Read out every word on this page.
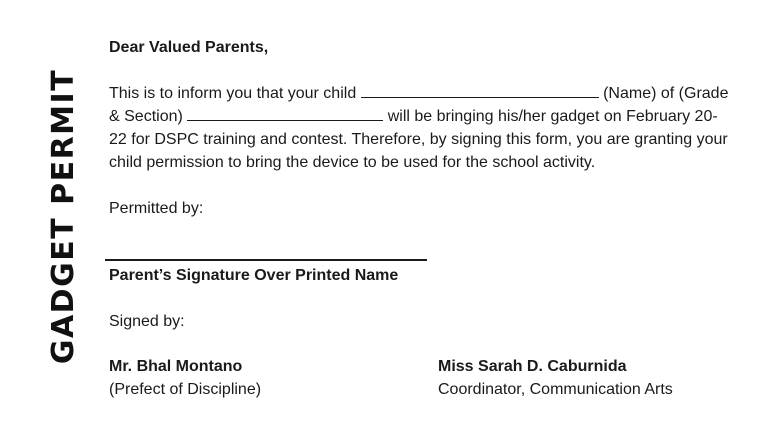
GADGET PERMIT

Dear Valued Parents,

This is to inform you that your child	(Name) of (Grade & Section)	will be bringing his/her gadget on February 20-22 for DSPC training and contest. Therefore, by signing this form, you are granting your child permission to bring the device to be used for the school activity.

Permitted by:

Parent’s Signature Over Printed Name

Signed by:

Mr. Bhal Montano

(Prefect of Discipline)

Miss Sarah D. Caburnida

Coordinator, Communication Arts
